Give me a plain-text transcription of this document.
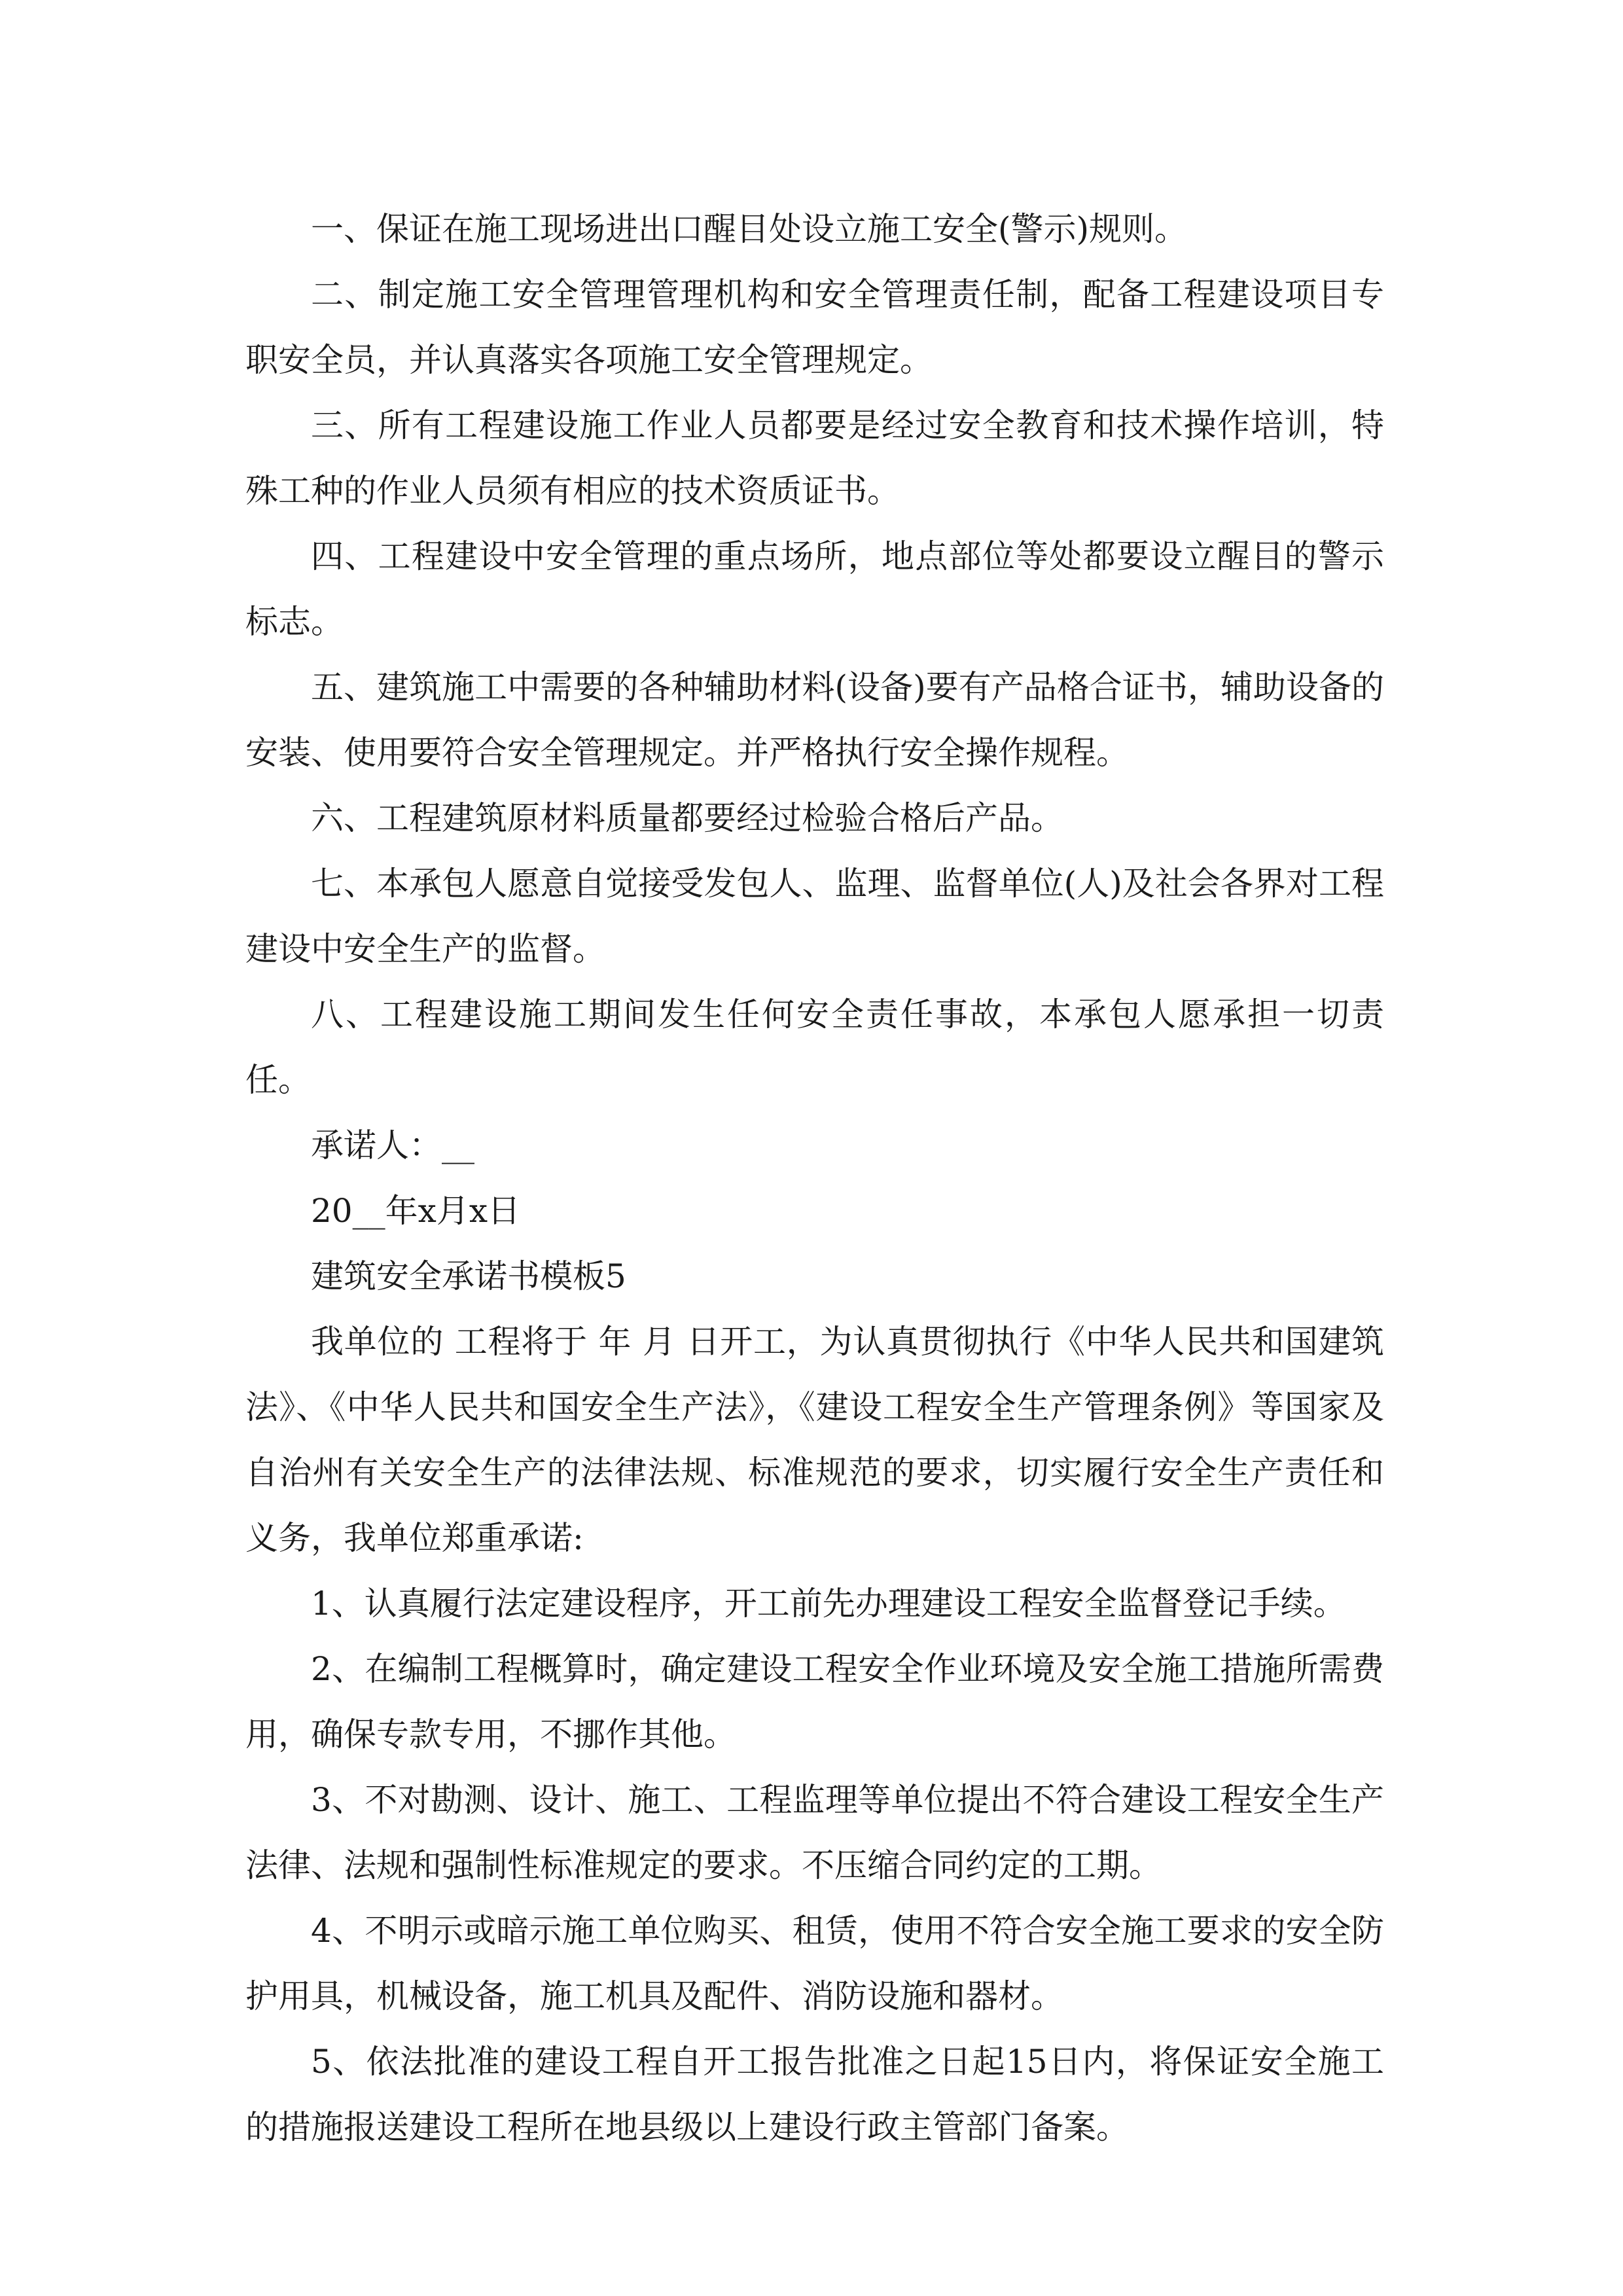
一、保证在施工现场进出口醒目处设立施工安全(警示)规则。

二、制定施工安全管理管理机构和安全管理责任制，配备工程建设项目专职安全员，并认真落实各项施工安全管理规定。

三、所有工程建设施工作业人员都要是经过安全教育和技术操作培训，特殊工种的作业人员须有相应的技术资质证书。

四、工程建设中安全管理的重点场所，地点部位等处都要设立醒目的警示标志。

五、建筑施工中需要的各种辅助材料(设备)要有产品格合证书，辅助设备的安装、使用要符合安全管理规定。并严格执行安全操作规程。

六、工程建筑原材料质量都要经过检验合格后产品。

七、本承包人愿意自觉接受发包人、监理、监督单位(人)及社会各界对工程建设中安全生产的监督。

八、工程建设施工期间发生任何安全责任事故，本承包人愿承担一切责任。

承诺人：__

20__年x月x日

建筑安全承诺书模板5

我单位的 工程将于 年 月 日开工，为认真贯彻执行《中华人民共和国建筑法》、《中华人民共和国安全生产法》，《建设工程安全生产管理条例》等国家及自治州有关安全生产的法律法规、标准规范的要求，切实履行安全生产责任和义务，我单位郑重承诺:

1、认真履行法定建设程序，开工前先办理建设工程安全监督登记手续。

2、在编制工程概算时，确定建设工程安全作业环境及安全施工措施所需费用，确保专款专用，不挪作其他。

3、不对勘测、设计、施工、工程监理等单位提出不符合建设工程安全生产法律、法规和强制性标准规定的要求。不压缩合同约定的工期。

4、不明示或暗示施工单位购买、租赁，使用不符合安全施工要求的安全防护用具，机械设备，施工机具及配件、消防设施和器材。

5、依法批准的建设工程自开工报告批准之日起15日内，将保证安全施工的措施报送建设工程所在地县级以上建设行政主管部门备案。
